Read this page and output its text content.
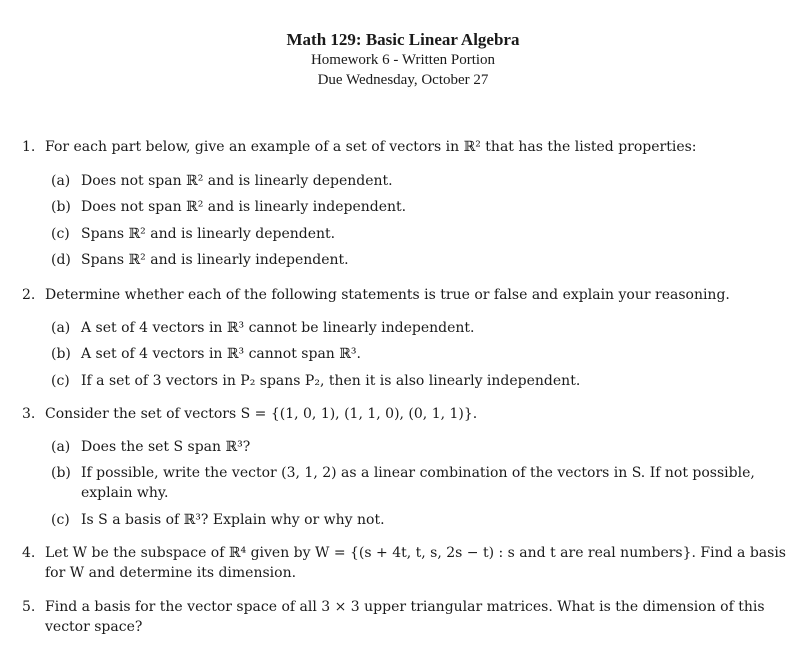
Math 129: Basic Linear Algebra
Homework 6 - Written Portion
Due Wednesday, October 27
1. For each part below, give an example of a set of vectors in ℝ² that has the listed properties:
(a) Does not span ℝ² and is linearly dependent.
(b) Does not span ℝ² and is linearly independent.
(c) Spans ℝ² and is linearly dependent.
(d) Spans ℝ² and is linearly independent.
2. Determine whether each of the following statements is true or false and explain your reasoning.
(a) A set of 4 vectors in ℝ³ cannot be linearly independent.
(b) A set of 4 vectors in ℝ³ cannot span ℝ³.
(c) If a set of 3 vectors in P₂ spans P₂, then it is also linearly independent.
3. Consider the set of vectors S = {(1, 0, 1), (1, 1, 0), (0, 1, 1)}.
(a) Does the set S span ℝ³?
(b) If possible, write the vector (3, 1, 2) as a linear combination of the vectors in S. If not possible, explain why.
(c) Is S a basis of ℝ³? Explain why or why not.
4. Let W be the subspace of ℝ⁴ given by W = {(s + 4t, t, s, 2s − t) : s and t are real numbers}. Find a basis for W and determine its dimension.
5. Find a basis for the vector space of all 3 × 3 upper triangular matrices. What is the dimension of this vector space?
